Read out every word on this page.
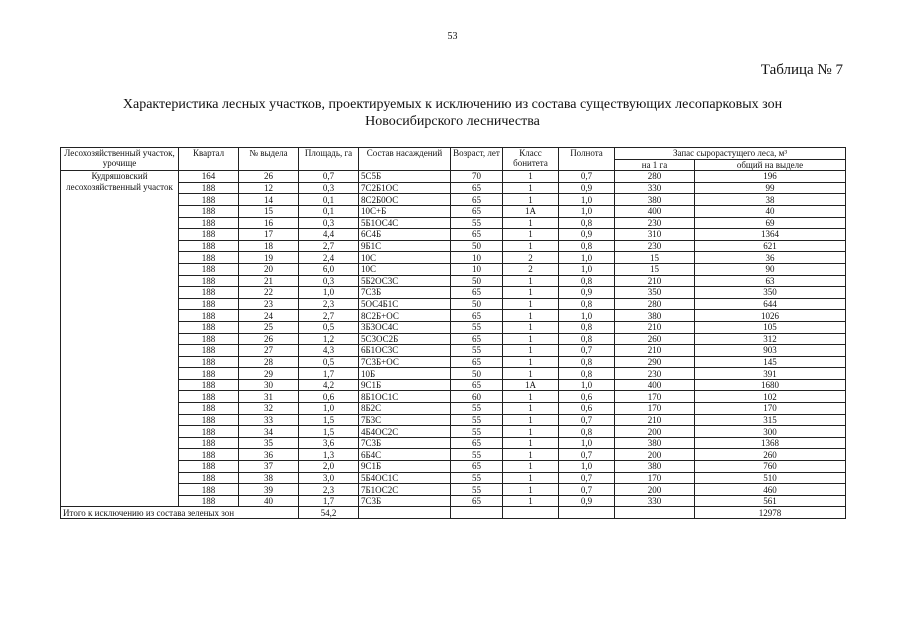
53
Таблица № 7
Характеристика лесных участков, проектируемых к исключению из состава существующих лесопарковых зон
Новосибирского лесничества
Лесохозяйственный участок, урочище	Квартал	№ выдела	Площадь, га	Состав насаждений	Возраст, лет	Класс бонитета	Полнота	Запас сырорастущего леса, м³	
								на 1 га	общий на выделе
Кудряшовский лесохозяйственный участок	164	26	0,7	5С5Б	70	1	0,7	280	196
	188	12	0,3	7С2Б1ОС	65	1	0,9	330	99
	188	14	0,1	8С2Б0ОС	65	1	1,0	380	38
	188	15	0,1	10С+Б	65	1А	1,0	400	40
	188	16	0,3	5Б1ОС4С	55	1	0,8	230	69
	188	17	4,4	6С4Б	65	1	0,9	310	1364
	188	18	2,7	9Б1С	50	1	0,8	230	621
	188	19	2,4	10С	10	2	1,0	15	36
	188	20	6,0	10С	10	2	1,0	15	90
	188	21	0,3	5Б2ОС3С	50	1	0,8	210	63
	188	22	1,0	7С3Б	65	1	0,9	350	350
	188	23	2,3	5ОС4Б1С	50	1	0,8	280	644
	188	24	2,7	8С2Б+ОС	65	1	1,0	380	1026
	188	25	0,5	3Б3ОС4С	55	1	0,8	210	105
	188	26	1,2	5С3ОС2Б	65	1	0,8	260	312
	188	27	4,3	6Б1ОС3С	55	1	0,7	210	903
	188	28	0,5	7С3Б+ОС	65	1	0,8	290	145
	188	29	1,7	10Б	50	1	0,8	230	391
	188	30	4,2	9С1Б	65	1А	1,0	400	1680
	188	31	0,6	8Б1ОС1С	60	1	0,6	170	102
	188	32	1,0	8Б2С	55	1	0,6	170	170
	188	33	1,5	7Б3С	55	1	0,7	210	315
	188	34	1,5	4Б4ОС2С	55	1	0,8	200	300
	188	35	3,6	7С3Б	65	1	1,0	380	1368
	188	36	1,3	6Б4С	55	1	0,7	200	260
	188	37	2,0	9С1Б	65	1	1,0	380	760
	188	38	3,0	5Б4ОС1С	55	1	0,7	170	510
	188	39	2,3	7Б1ОС2С	55	1	0,7	200	460
	188	40	1,7	7С3Б	65	1	0,9	330	561
Итого к исключению из состава зеленых зон			54,2						12978
